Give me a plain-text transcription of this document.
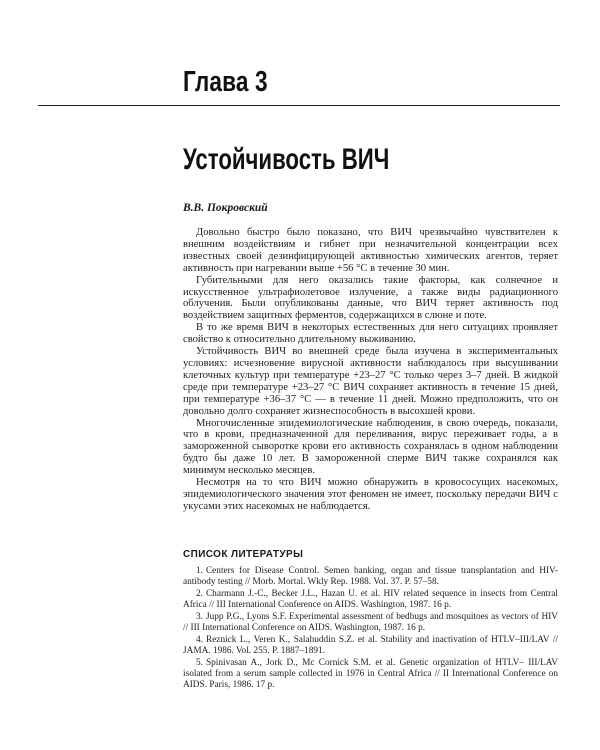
Глава 3
Устойчивость ВИЧ
В.В. Покровский

Довольно быстро было показано, что ВИЧ чрезвычайно чувствителен к внешним воздействиям и гибнет при незначительной концентрации всех известных своей дезинфицирующей активностью химических агентов, теряет активность при нагревании выше +56 °С в течение 30 мин.

Губительными для него оказались такие факторы, как солнечное и искусственное ультрафиолетовое излучение, а также виды радиационного облучения. Были опубликованы данные, что ВИЧ теряет активность под воздействием защитных ферментов, содержащихся в слюне и поте.

В то же время ВИЧ в некоторых естественных для него ситуациях проявляет свойство к относительно длительному выживанию.

Устойчивость ВИЧ во внешней среде была изучена в экспериментальных условиях: исчезновение вирусной активности наблюдалось при высушивании клеточных культур при температуре +23–27 °С только через 3–7 дней. В жидкой среде при температуре +23–27 °С ВИЧ сохраняет активность в течение 15 дней, при температуре +36–37 °С — в течение 11 дней. Можно предположить, что он довольно долго сохраняет жизнеспособность в высохшей крови.

Многочисленные эпидемиологические наблюдения, в свою очередь, показали, что в крови, предназначенной для переливания, вирус переживает годы, а в замороженной сыворотке крови его активность сохранялась в одном наблюдении будто бы даже 10 лет. В замороженной сперме ВИЧ также сохранялся как минимум несколько месяцев.

Несмотря на то что ВИЧ можно обнаружить в кровососущих насекомых, эпидемиологического значения этот феномен не имеет, поскольку передачи ВИЧ с укусами этих насекомых не наблюдается.

СПИСОК ЛИТЕРАТУРЫ
1. Centers for Disease Control. Semen banking, organ and tissue transplantation and HIV-antibody testing // Morb. Mortal. Wkly Rep. 1988. Vol. 37. P. 57–58.
2. Charmann J.-C., Becker J.L., Hazan U. et al. HIV related sequence in insects from Central Africa // III International Conference on AIDS. Washington, 1987. 16 p.
3. Jupp P.G., Lyons S.F. Experimental assessment of bedbugs and mosquitoes as vectors of HIV // III International Conference on AIDS. Washington, 1987. 16 p.
4. Reznick L., Veren K., Salahuddin S.Z. et al. Stability and inactivation of HTLV–III/LAV // JAMA. 1986. Vol. 255. P. 1887–1891.
5. Spinivasan A., Jork D., Mc Cornick S.M. et al. Genetic organization of HTLV– III/LAV isolated from a serum sample collected in 1976 in Central Africa // II International Conference on AIDS. Paris, 1986. 17 p.
